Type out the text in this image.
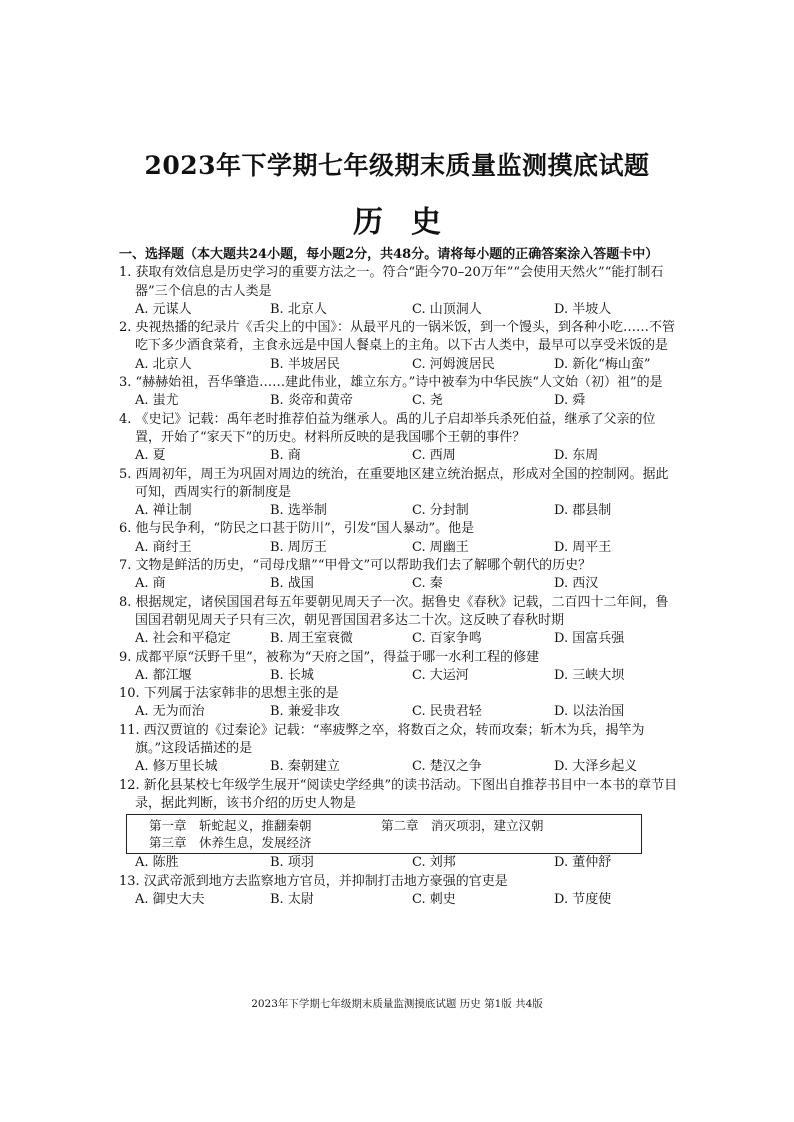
2023年下学期七年级期末质量监测摸底试题
历史
一、选择题（本大题共24小题，每小题2分，共48分。请将每小题的正确答案涂入答题卡中）
1. 获取有效信息是历史学习的重要方法之一。符合“距今70–20万年”“会使用天然火”“能打制石器”三个信息的古人类是
A. 元谋人	B. 北京人	C. 山顶洞人	D. 半坡人
2. 央视热播的纪录片《舌尖上的中国》：从最平凡的一锅米饭，到一个馒头，到各种小吃……不管吃下多少酒食菜肴，主食永远是中国人餐桌上的主角。以下古人类中，最早可以享受米饭的是
A. 北京人	B. 半坡居民	C. 河姆渡居民	D. 新化“梅山蛮”
3. “赫赫始祖，吾华肇造……建此伟业，雄立东方。”诗中被奉为中华民族“人文始（初）祖”的是
A. 蚩尤	B. 炎帝和黄帝	C. 尧	D. 舜
4. 《史记》记载：禹年老时推荐伯益为继承人。禹的儿子启却举兵杀死伯益，继承了父亲的位置，开始了“家天下”的历史。材料所反映的是我国哪个王朝的事件？
A. 夏	B. 商	C. 西周	D. 东周
5. 西周初年，周王为巩固对周边的统治，在重要地区建立统治据点，形成对全国的控制网。据此可知，西周实行的新制度是
A. 禅让制	B. 选举制	C. 分封制	D. 郡县制
6. 他与民争利，“防民之口甚于防川”，引发“国人暴动”。他是
A. 商纣王	B. 周厉王	C. 周幽王	D. 周平王
7. 文物是鲜活的历史，“司母戊鼎”“甲骨文”可以帮助我们去了解哪个朝代的历史？
A. 商	B. 战国	C. 秦	D. 西汉
8. 根据规定，诸侯国国君每五年要朝见周天子一次。据鲁史《春秋》记载，二百四十二年间，鲁国国君朝见周天子只有三次，朝见晋国国君多达二十次。这反映了春秋时期
A. 社会和平稳定	B. 周王室衰微	C. 百家争鸣	D. 国富兵强
9. 成都平原“沃野千里”，被称为“天府之国”，得益于哪一水利工程的修建
A. 都江堰	B. 长城	C. 大运河	D. 三峡大坝
10. 下列属于法家韩非的思想主张的是
A. 无为而治	B. 兼爱非攻	C. 民贵君轻	D. 以法治国
11. 西汉贾谊的《过秦论》记载：“率疲弊之卒，将数百之众，转而攻秦；斩木为兵，揭竿为旗。”这段话描述的是
A. 修万里长城	B. 秦朝建立	C. 楚汉之争	D. 大泽乡起义
12. 新化县某校七年级学生展开“阅读史学经典”的读书活动。下图出自推荐书目中一本书的章节目录，据此判断，该书介绍的历史人物是
第一章　斩蛇起义，推翻秦朝	第二章　消灭项羽，建立汉朝
第三章　休养生息，发展经济
A. 陈胜	B. 项羽	C. 刘邦	D. 董仲舒
13. 汉武帝派到地方去监察地方官员，并抑制打击地方豪强的官吏是
A. 御史大夫	B. 太尉	C. 刺史	D. 节度使
2023年下学期七年级期末质量监测摸底试题 历史 第1版 共4版
